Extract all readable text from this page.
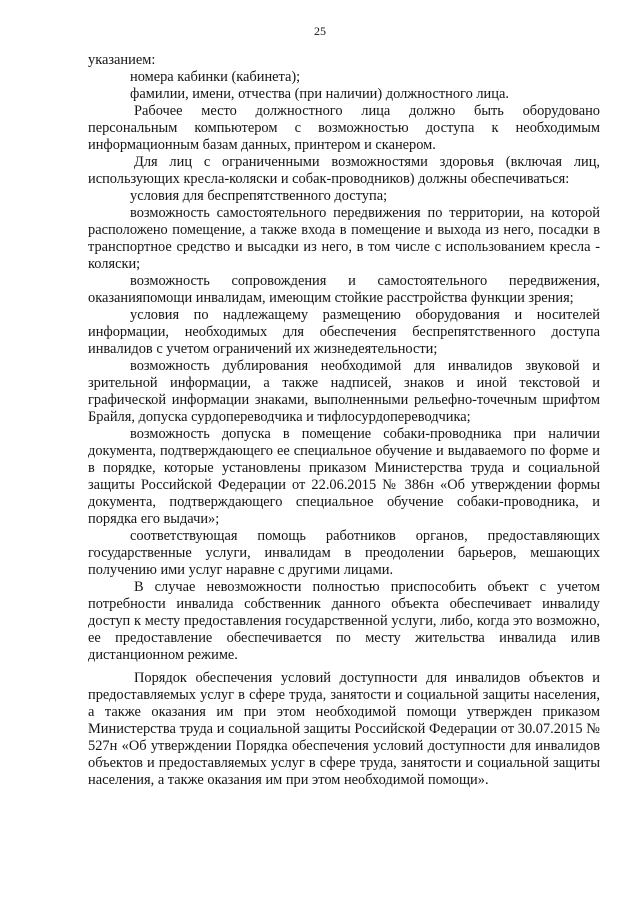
25

указанием:

номера кабинки (кабинета);

фамилии, имени, отчества (при наличии) должностного лица.

Рабочее место должностного лица должно быть оборудовано персональным компьютером с возможностью доступа к необходимым информационным базам данных, принтером и сканером.

Для лиц с ограниченными возможностями здоровья (включая лиц, использующих кресла-коляски и собак-проводников) должны обеспечиваться:

условия для беспрепятственного доступа;

возможность самостоятельного передвижения по территории, на которой расположено помещение, а также входа в помещение и выхода из него, посадки в транспортное средство и высадки из него, в том числе с использованием кресла - коляски;

возможность сопровождения и самостоятельного передвижения, оказанияпомощи инвалидам, имеющим стойкие расстройства функции зрения;

условия по надлежащему размещению оборудования и носителей информации, необходимых для обеспечения беспрепятственного доступа инвалидов с учетом ограничений их жизнедеятельности;

возможность дублирования необходимой для инвалидов звуковой и зрительной информации, а также надписей, знаков и иной текстовой и графической информации знаками, выполненными рельефно-точечным шрифтом Брайля, допуска сурдопереводчика и тифлосурдопереводчика;

возможность допуска в помещение собаки-проводника при наличии документа, подтверждающего ее специальное обучение и выдаваемого по форме и в порядке, которые установлены приказом Министерства труда и социальной защиты Российской Федерации от 22.06.2015 № 386н «Об утверждении формы документа, подтверждающего специальное обучение собаки-проводника, и порядка его выдачи»;

соответствующая помощь работников органов, предоставляющих государственные услуги, инвалидам в преодолении барьеров, мешающих получению ими услуг наравне с другими лицами.

В случае невозможности полностью приспособить объект с учетом потребности инвалида собственник данного объекта обеспечивает инвалиду доступ к месту предоставления государственной услуги, либо, когда это возможно, ее предоставление обеспечивается по месту жительства инвалида илив дистанционном режиме.

Порядок обеспечения условий доступности для инвалидов объектов и предоставляемых услуг в сфере труда, занятости и социальной защиты населения, а также оказания им при этом необходимой помощи утвержден приказом Министерства труда и социальной защиты Российской Федерации от 30.07.2015 № 527н «Об утверждении Порядка обеспечения условий доступности для инвалидов объектов и предоставляемых услуг в сфере труда, занятости и социальной защиты населения, а также оказания им при этом необходимой помощи».
